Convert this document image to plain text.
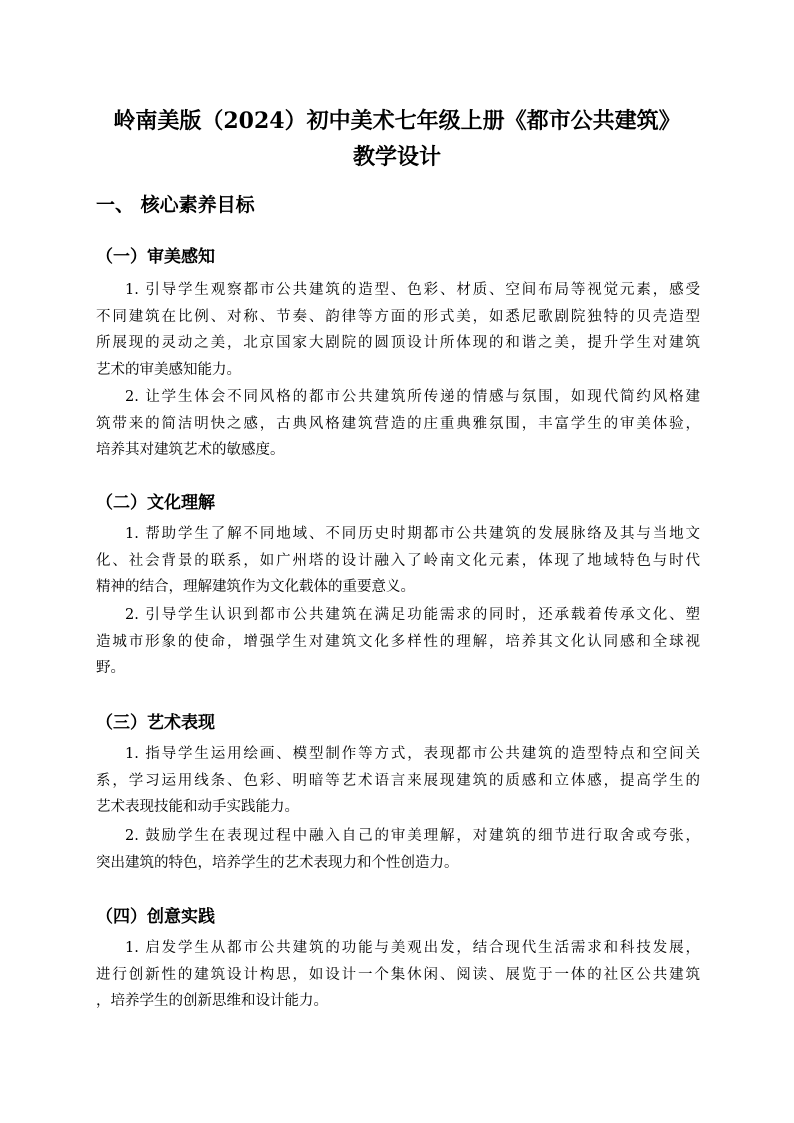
岭南美版（2024）初中美术七年级上册《都市公共建筑》
教学设计
一、 核心素养目标
（一）审美感知
1. 引导学生观察都市公共建筑的造型、色彩、材质、空间布局等视觉元素，感受
不同建筑在比例、对称、节奏、韵律等方面的形式美，如悉尼歌剧院独特的贝壳造型
所展现的灵动之美，北京国家大剧院的圆顶设计所体现的和谐之美，提升学生对建筑
艺术的审美感知能力。
2. 让学生体会不同风格的都市公共建筑所传递的情感与氛围，如现代简约风格建
筑带来的简洁明快之感，古典风格建筑营造的庄重典雅氛围，丰富学生的审美体验，
培养其对建筑艺术的敏感度。
（二）文化理解
1. 帮助学生了解不同地域、不同历史时期都市公共建筑的发展脉络及其与当地文
化、社会背景的联系，如广州塔的设计融入了岭南文化元素，体现了地域特色与时代
精神的结合，理解建筑作为文化载体的重要意义。
2. 引导学生认识到都市公共建筑在满足功能需求的同时，还承载着传承文化、塑
造城市形象的使命，增强学生对建筑文化多样性的理解，培养其文化认同感和全球视
野。
（三）艺术表现
1. 指导学生运用绘画、模型制作等方式，表现都市公共建筑的造型特点和空间关
系，学习运用线条、色彩、明暗等艺术语言来展现建筑的质感和立体感，提高学生的
艺术表现技能和动手实践能力。
2. 鼓励学生在表现过程中融入自己的审美理解，对建筑的细节进行取舍或夸张，
突出建筑的特色，培养学生的艺术表现力和个性创造力。
（四）创意实践
1. 启发学生从都市公共建筑的功能与美观出发，结合现代生活需求和科技发展，
进行创新性的建筑设计构思，如设计一个集休闲、阅读、展览于一体的社区公共建筑
，培养学生的创新思维和设计能力。
